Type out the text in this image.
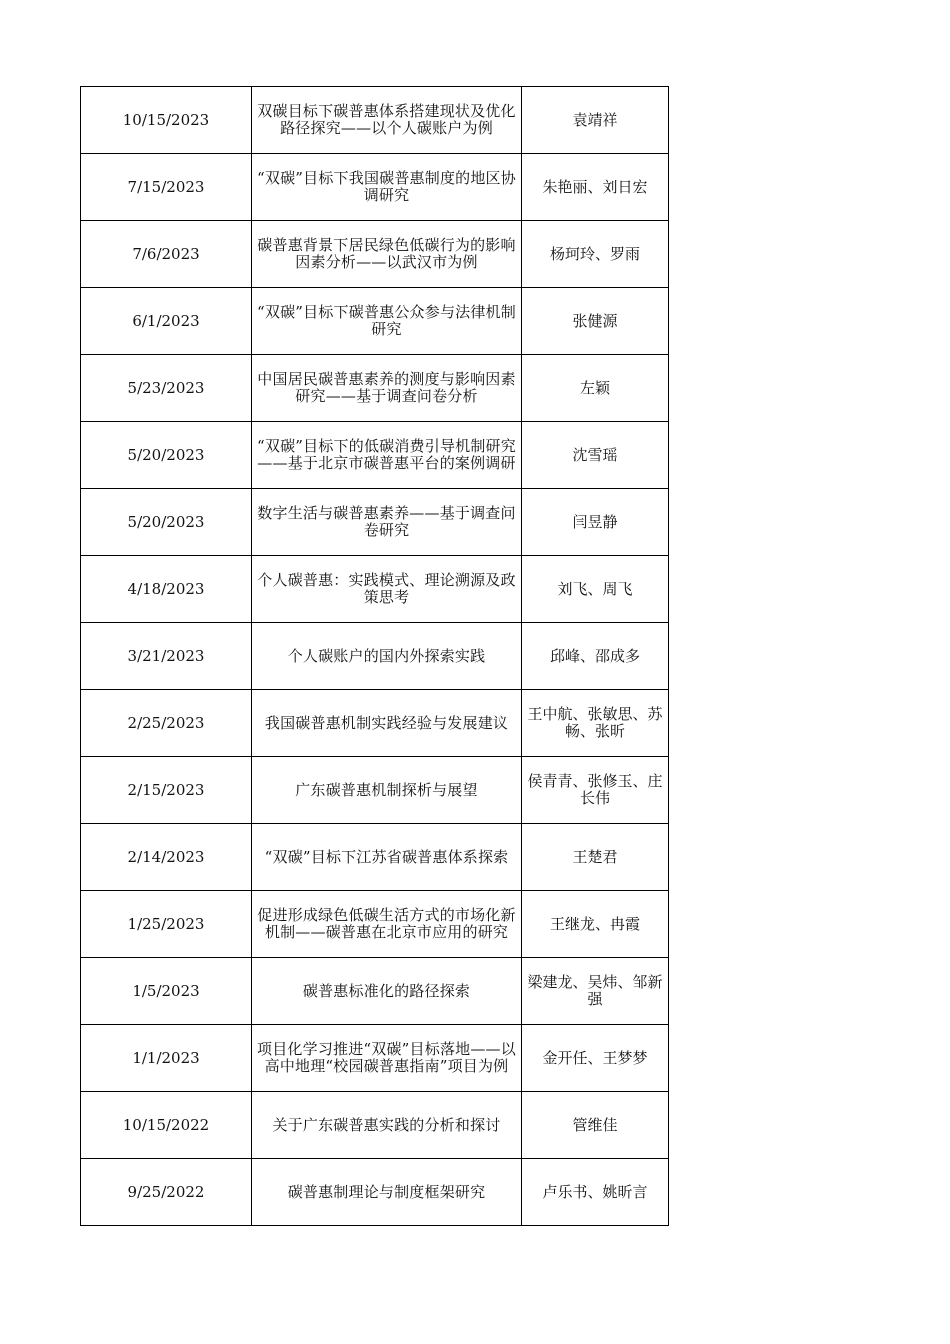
10/15/2023	双碳目标下碳普惠体系搭建现状及优化路径探究——以个人碳账户为例	袁靖祥
7/15/2023	“双碳”目标下我国碳普惠制度的地区协调研究	朱艳丽、刘日宏
7/6/2023	碳普惠背景下居民绿色低碳行为的影响因素分析——以武汉市为例	杨珂玲、罗雨
6/1/2023	“双碳”目标下碳普惠公众参与法律机制研究	张健源
5/23/2023	中国居民碳普惠素养的测度与影响因素研究——基于调查问卷分析	左颖
5/20/2023	“双碳”目标下的低碳消费引导机制研究——基于北京市碳普惠平台的案例调研	沈雪瑶
5/20/2023	数字生活与碳普惠素养——基于调查问卷研究	闫昱静
4/18/2023	个人碳普惠：实践模式、理论溯源及政策思考	刘飞、周飞
3/21/2023	个人碳账户的国内外探索实践	邱峰、邵成多
2/25/2023	我国碳普惠机制实践经验与发展建议	王中航、张敏思、苏畅、张昕
2/15/2023	广东碳普惠机制探析与展望	侯青青、张修玉、庄长伟
2/14/2023	“双碳”目标下江苏省碳普惠体系探索	王楚君
1/25/2023	促进形成绿色低碳生活方式的市场化新机制——碳普惠在北京市应用的研究	王继龙、冉霞
1/5/2023	碳普惠标准化的路径探索	梁建龙、吴炜、邹新强
1/1/2023	项目化学习推进“双碳”目标落地——以高中地理“校园碳普惠指南”项目为例	金开任、王梦梦
10/15/2022	关于广东碳普惠实践的分析和探讨	管维佳
9/25/2022	碳普惠制理论与制度框架研究	卢乐书、姚昕言
